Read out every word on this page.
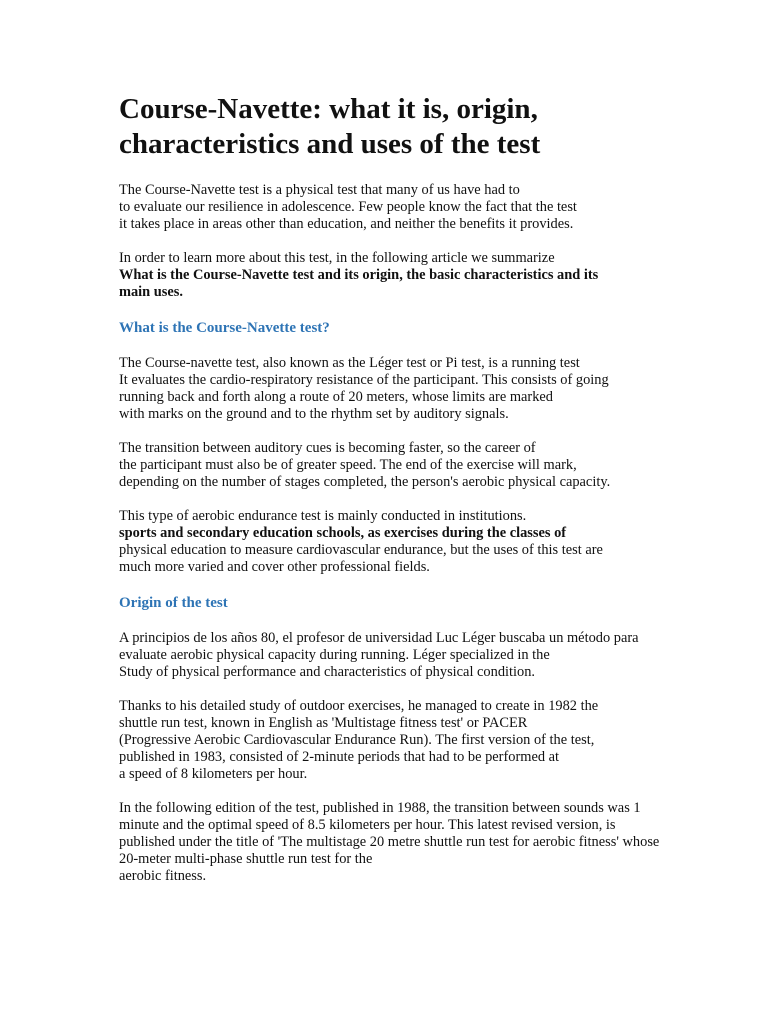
Course-Navette: what it is, origin,
characteristics and uses of the test
The Course-Navette test is a physical test that many of us have had to
to evaluate our resilience in adolescence. Few people know the fact that the test
it takes place in areas other than education, and neither the benefits it provides.
In order to learn more about this test, in the following article we summarize
What is the Course-Navette test and its origin, the basic characteristics and its
main uses.
What is the Course-Navette test?
The Course-navette test, also known as the Léger test or Pi test, is a running test
It evaluates the cardio-respiratory resistance of the participant. This consists of going
running back and forth along a route of 20 meters, whose limits are marked
with marks on the ground and to the rhythm set by auditory signals.
The transition between auditory cues is becoming faster, so the career of
the participant must also be of greater speed. The end of the exercise will mark,
depending on the number of stages completed, the person's aerobic physical capacity.
This type of aerobic endurance test is mainly conducted in institutions.
sports and secondary education schools, as exercises during the classes of
physical education to measure cardiovascular endurance, but the uses of this test are
much more varied and cover other professional fields.
Origin of the test
A principios de los años 80, el profesor de universidad Luc Léger buscaba un método para
evaluate aerobic physical capacity during running. Léger specialized in the
Study of physical performance and characteristics of physical condition.
Thanks to his detailed study of outdoor exercises, he managed to create in 1982 the
shuttle run test, known in English as 'Multistage fitness test' or PACER
(Progressive Aerobic Cardiovascular Endurance Run). The first version of the test,
published in 1983, consisted of 2-minute periods that had to be performed at
a speed of 8 kilometers per hour.
In the following edition of the test, published in 1988, the transition between sounds was 1
minute and the optimal speed of 8.5 kilometers per hour. This latest revised version, is
published under the title of 'The multistage 20 metre shuttle run test for aerobic fitness' whose
20-meter multi-phase shuttle run test for the
aerobic fitness.
